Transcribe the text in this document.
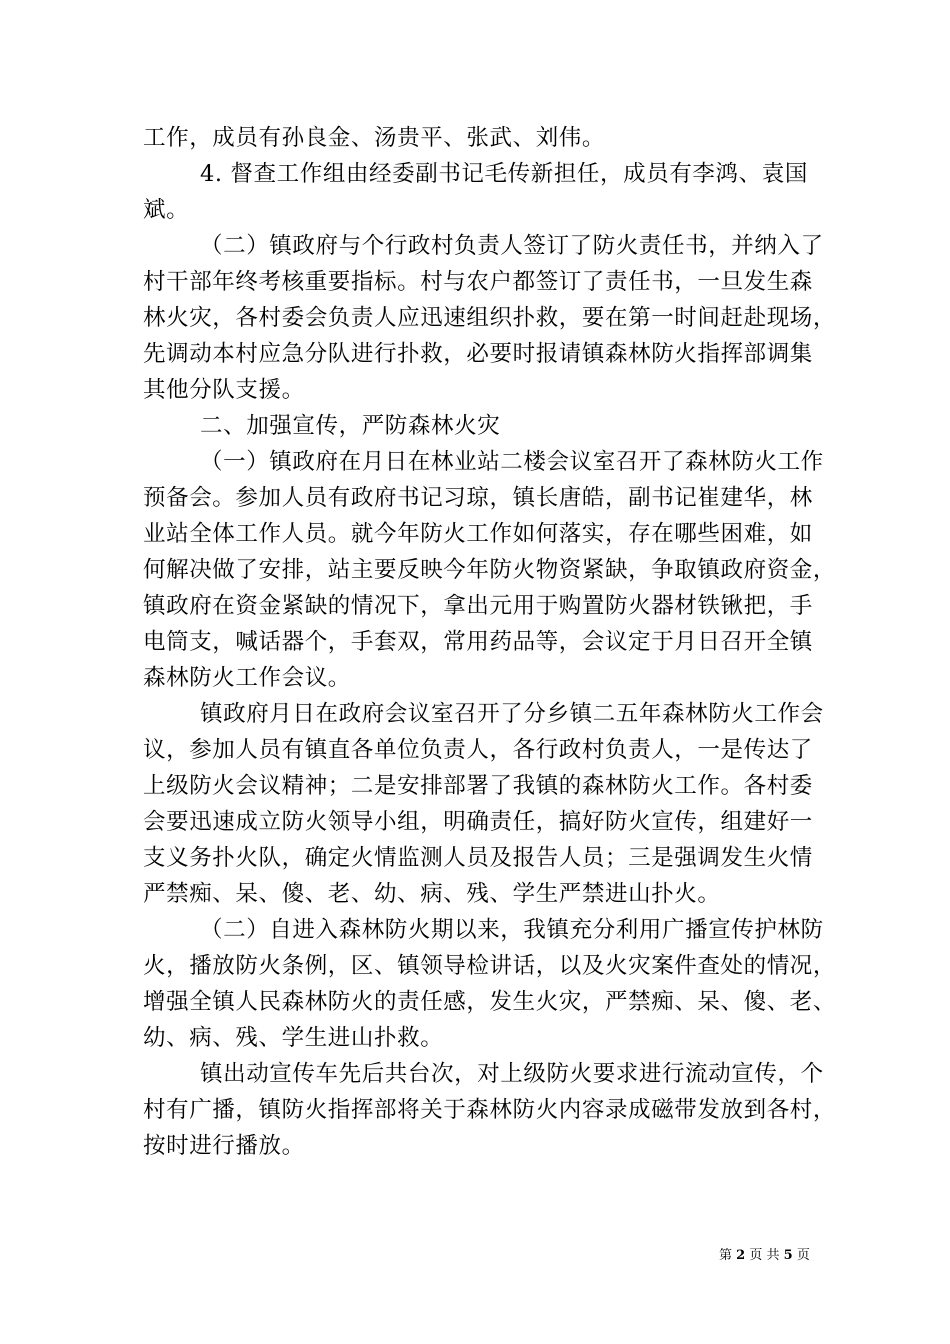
工作，成员有孙良金、汤贵平、张武、刘伟。
4. 督查工作组由经委副书记毛传新担任，成员有李鸿、袁国
斌。
（二）镇政府与个行政村负责人签订了防火责任书，并纳入了
村干部年终考核重要指标。村与农户都签订了责任书，一旦发生森
林火灾，各村委会负责人应迅速组织扑救，要在第一时间赶赴现场，
先调动本村应急分队进行扑救，必要时报请镇森林防火指挥部调集
其他分队支援。
二、加强宣传，严防森林火灾
（一）镇政府在月日在林业站二楼会议室召开了森林防火工作
预备会。参加人员有政府书记习琼，镇长唐皓，副书记崔建华，林
业站全体工作人员。就今年防火工作如何落实，存在哪些困难，如
何解决做了安排，站主要反映今年防火物资紧缺，争取镇政府资金，
镇政府在资金紧缺的情况下，拿出元用于购置防火器材铁锹把，手
电筒支，喊话器个，手套双，常用药品等，会议定于月日召开全镇
森林防火工作会议。
镇政府月日在政府会议室召开了分乡镇二五年森林防火工作会
议，参加人员有镇直各单位负责人，各行政村负责人，一是传达了
上级防火会议精神；二是安排部署了我镇的森林防火工作。各村委
会要迅速成立防火领导小组，明确责任，搞好防火宣传，组建好一
支义务扑火队，确定火情监测人员及报告人员；三是强调发生火情
严禁痴、呆、傻、老、幼、病、残、学生严禁进山扑火。
（二）自进入森林防火期以来，我镇充分利用广播宣传护林防
火，播放防火条例，区、镇领导检讲话，以及火灾案件查处的情况，
增强全镇人民森林防火的责任感，发生火灾，严禁痴、呆、傻、老、
幼、病、残、学生进山扑救。
镇出动宣传车先后共台次，对上级防火要求进行流动宣传，个
村有广播，镇防火指挥部将关于森林防火内容录成磁带发放到各村，
按时进行播放。
第 2 页 共 5 页
